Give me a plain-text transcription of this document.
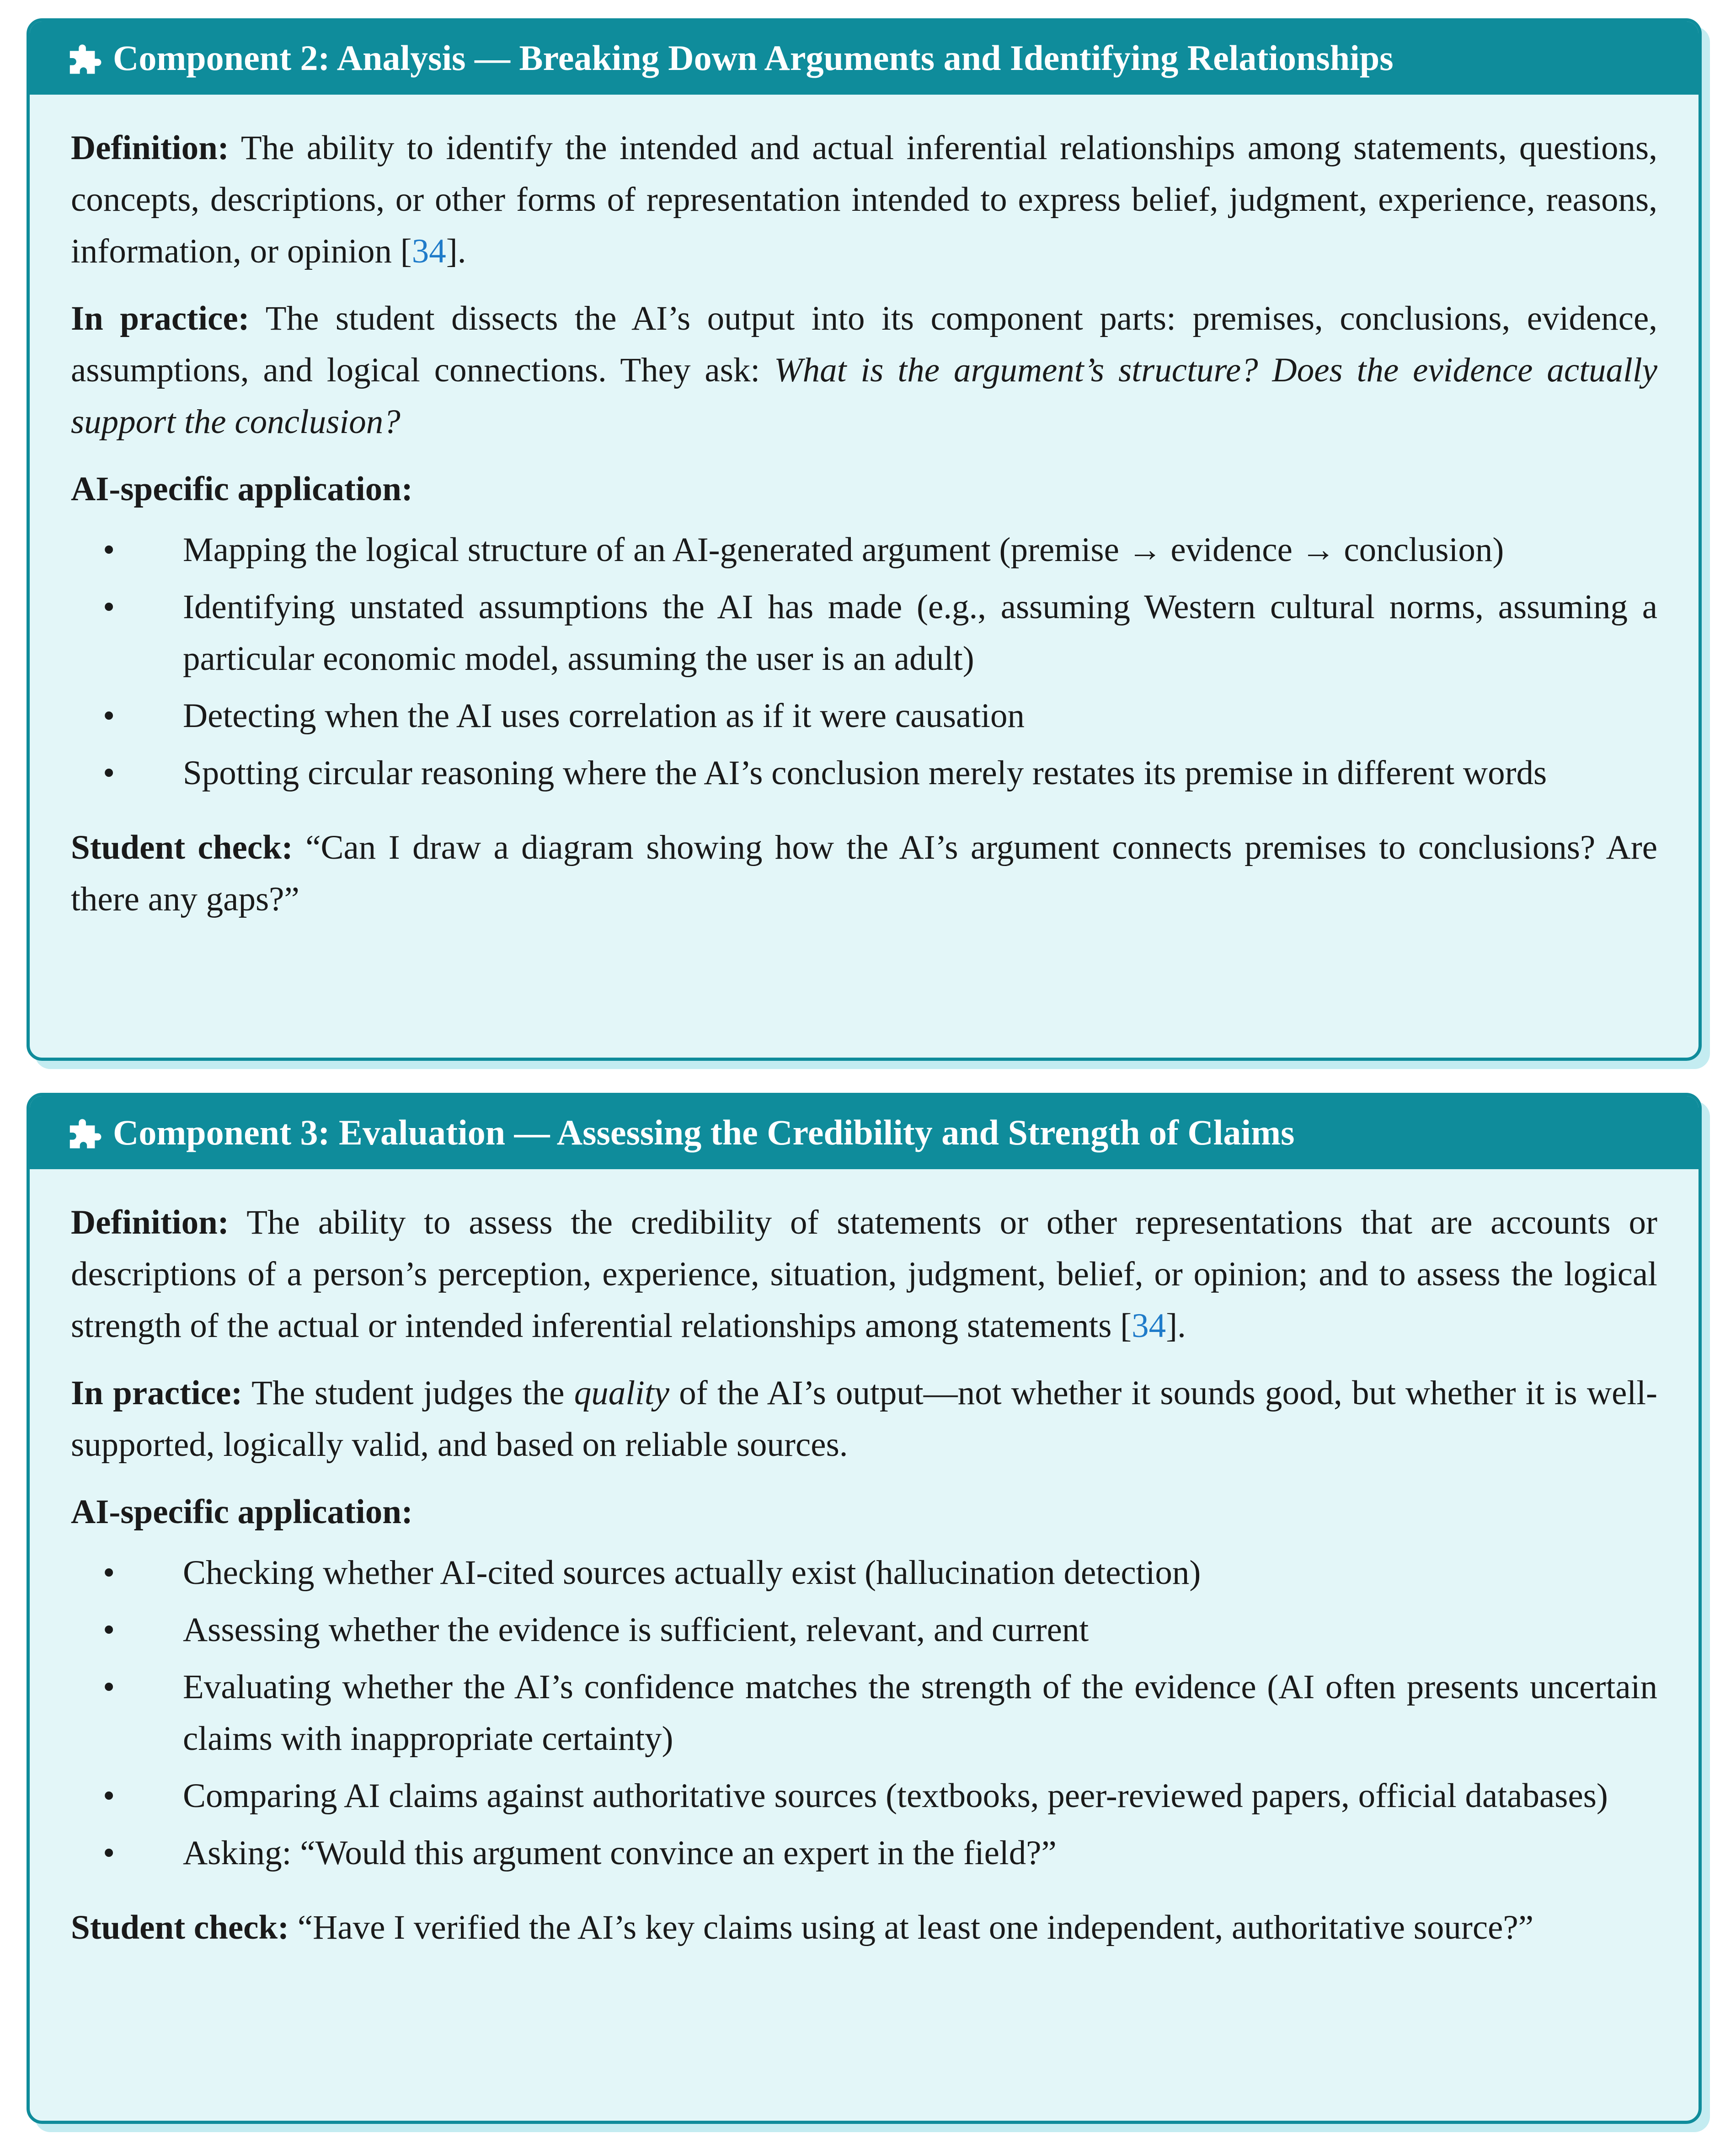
Component 2: Analysis — Breaking Down Arguments and Identifying Relationships

Definition: The ability to identify the intended and actual inferential relationships among statements, questions, concepts, descriptions, or other forms of representation intended to express belief, judgment, experience, reasons, information, or opinion [34].

In practice: The student dissects the AI’s output into its component parts: premises, conclusions, evidence, assumptions, and logical connections. They ask: What is the argument’s structure? Does the evidence actually support the conclusion?

AI-specific application:

• Mapping the logical structure of an AI-generated argument (premise → evidence → conclusion)
• Identifying unstated assumptions the AI has made (e.g., assuming Western cultural norms, assuming a particular economic model, assuming the user is an adult)
• Detecting when the AI uses correlation as if it were causation
• Spotting circular reasoning where the AI’s conclusion merely restates its premise in different words

Student check: “Can I draw a diagram showing how the AI’s argument connects premises to conclusions? Are there any gaps?”

Component 3: Evaluation — Assessing the Credibility and Strength of Claims

Definition: The ability to assess the credibility of statements or other representations that are accounts or descriptions of a person’s perception, experience, situation, judgment, belief, or opinion; and to assess the logical strength of the actual or intended inferential relationships among statements [34].

In practice: The student judges the quality of the AI’s output—not whether it sounds good, but whether it is well-supported, logically valid, and based on reliable sources.

AI-specific application:

• Checking whether AI-cited sources actually exist (hallucination detection)
• Assessing whether the evidence is sufficient, relevant, and current
• Evaluating whether the AI’s confidence matches the strength of the evidence (AI often presents uncertain claims with inappropriate certainty)
• Comparing AI claims against authoritative sources (textbooks, peer-reviewed papers, official databases)
• Asking: “Would this argument convince an expert in the field?”

Student check: “Have I verified the AI’s key claims using at least one independent, authoritative source?”
